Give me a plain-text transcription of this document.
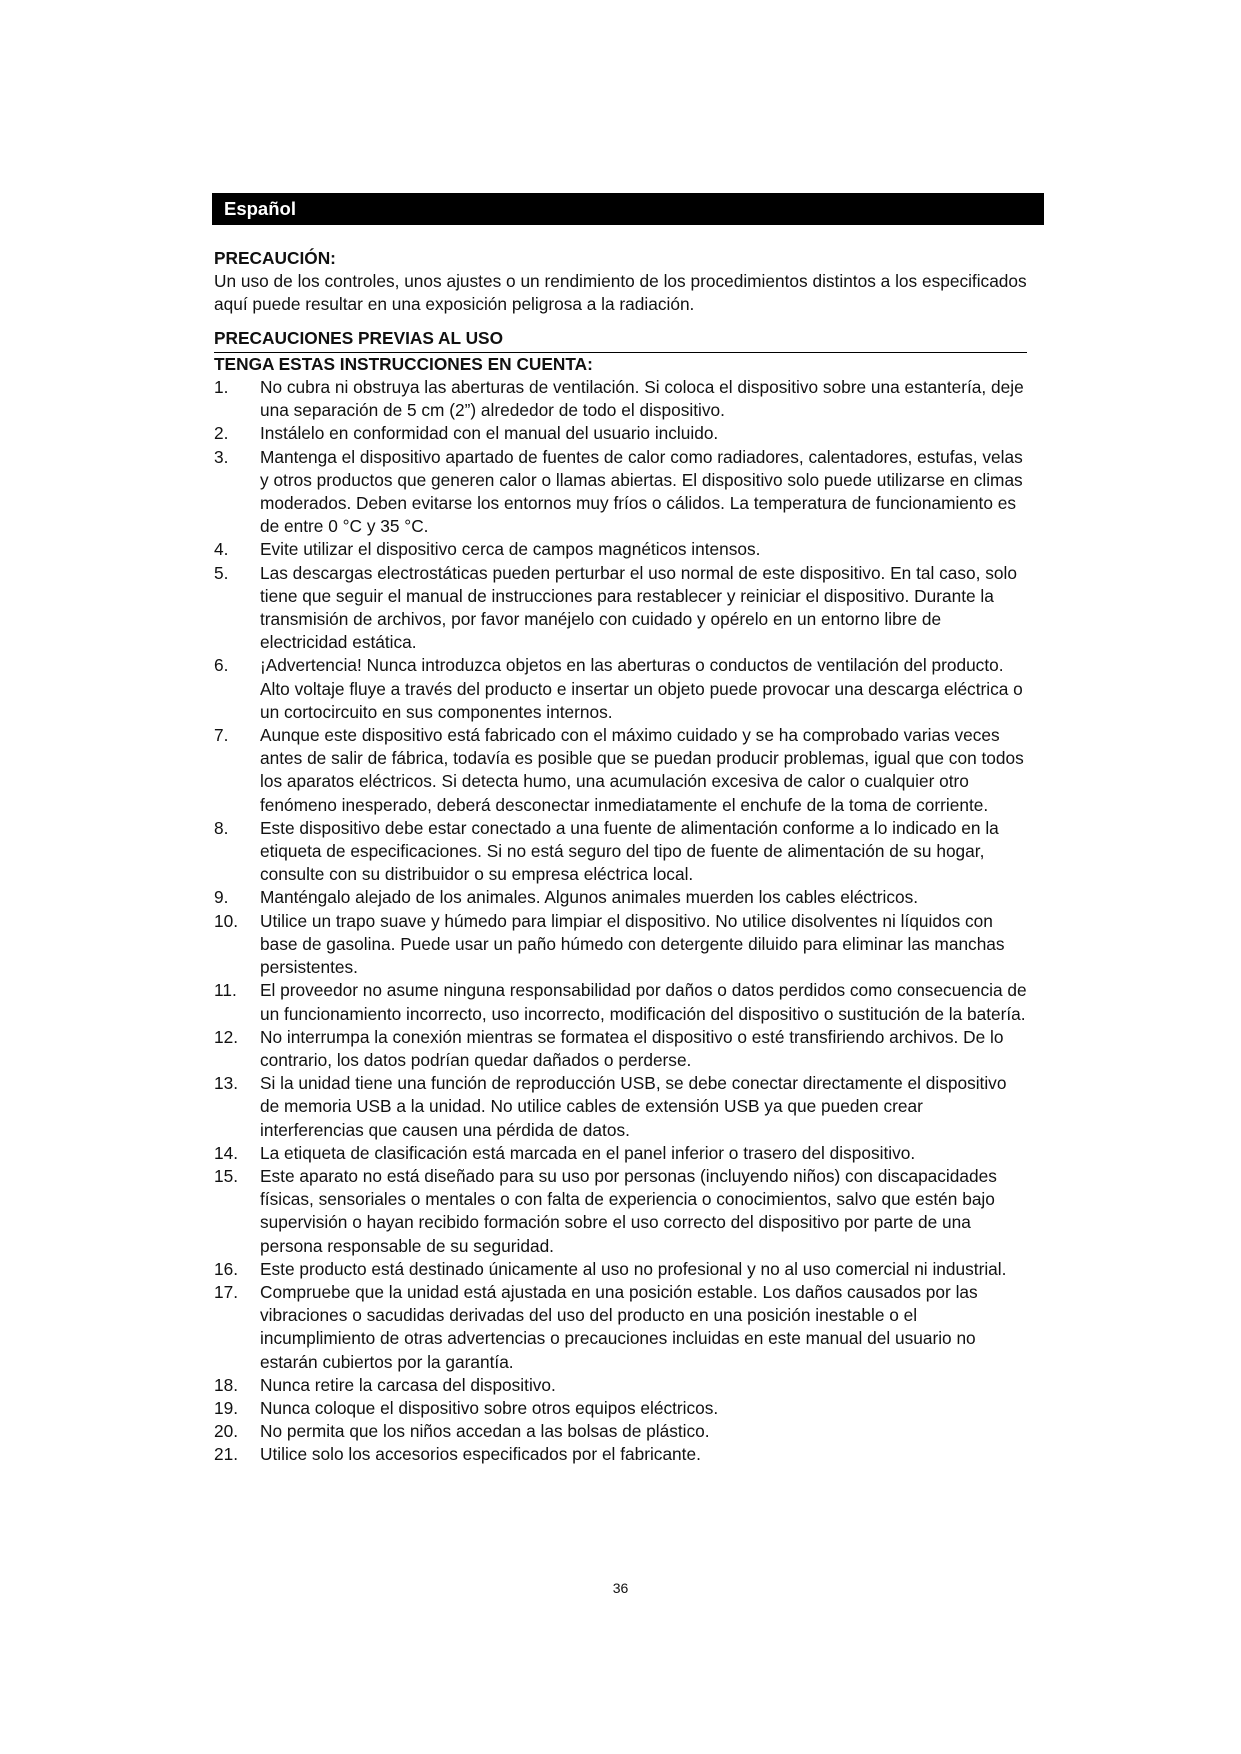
Español
PRECAUCIÓN:

Un uso de los controles, unos ajustes o un rendimiento de los procedimientos distintos a los especificados aquí puede resultar en una exposición peligrosa a la radiación.

PRECAUCIONES PREVIAS AL USO
TENGA ESTAS INSTRUCCIONES EN CUENTA:
1.	No cubra ni obstruya las aberturas de ventilación. Si coloca el dispositivo sobre una estantería, deje una separación de 5 cm (2”) alrededor de todo el dispositivo.
2.	Instálelo en conformidad con el manual del usuario incluido.
3.	Mantenga el dispositivo apartado de fuentes de calor como radiadores, calentadores, estufas, velas y otros productos que generen calor o llamas abiertas. El dispositivo solo puede utilizarse en climas moderados. Deben evitarse los entornos muy fríos o cálidos. La temperatura de funcionamiento es de entre 0 °C y 35 °C.
4.	Evite utilizar el dispositivo cerca de campos magnéticos intensos.
5.	Las descargas electrostáticas pueden perturbar el uso normal de este dispositivo. En tal caso, solo tiene que seguir el manual de instrucciones para restablecer y reiniciar el dispositivo. Durante la transmisión de archivos, por favor manéjelo con cuidado y opérelo en un entorno libre de electricidad estática.
6.	¡Advertencia! Nunca introduzca objetos en las aberturas o conductos de ventilación del producto. Alto voltaje fluye a través del producto e insertar un objeto puede provocar una descarga eléctrica o un cortocircuito en sus componentes internos.
7.	Aunque este dispositivo está fabricado con el máximo cuidado y se ha comprobado varias veces antes de salir de fábrica, todavía es posible que se puedan producir problemas, igual que con todos los aparatos eléctricos. Si detecta humo, una acumulación excesiva de calor o cualquier otro fenómeno inesperado, deberá desconectar inmediatamente el enchufe de la toma de corriente.
8.	Este dispositivo debe estar conectado a una fuente de alimentación conforme a lo indicado en la etiqueta de especificaciones. Si no está seguro del tipo de fuente de alimentación de su hogar, consulte con su distribuidor o su empresa eléctrica local.
9.	Manténgalo alejado de los animales. Algunos animales muerden los cables eléctricos.
10.	Utilice un trapo suave y húmedo para limpiar el dispositivo. No utilice disolventes ni líquidos con base de gasolina. Puede usar un paño húmedo con detergente diluido para eliminar las manchas persistentes.
11.	El proveedor no asume ninguna responsabilidad por daños o datos perdidos como consecuencia de un funcionamiento incorrecto, uso incorrecto, modificación del dispositivo o sustitución de la batería.
12.	No interrumpa la conexión mientras se formatea el dispositivo o esté transfiriendo archivos. De lo contrario, los datos podrían quedar dañados o perderse.
13.	Si la unidad tiene una función de reproducción USB, se debe conectar directamente el dispositivo de memoria USB a la unidad. No utilice cables de extensión USB ya que pueden crear interferencias que causen una pérdida de datos.
14.	La etiqueta de clasificación está marcada en el panel inferior o trasero del dispositivo.
15.	Este aparato no está diseñado para su uso por personas (incluyendo niños) con discapacidades físicas, sensoriales o mentales o con falta de experiencia o conocimientos, salvo que estén bajo supervisión o hayan recibido formación sobre el uso correcto del dispositivo por parte de una persona responsable de su seguridad.
16.	Este producto está destinado únicamente al uso no profesional y no al uso comercial ni industrial.
17.	Compruebe que la unidad está ajustada en una posición estable. Los daños causados por las vibraciones o sacudidas derivadas del uso del producto en una posición inestable o el incumplimiento de otras advertencias o precauciones incluidas en este manual del usuario no estarán cubiertos por la garantía.
18.	Nunca retire la carcasa del dispositivo.
19.	Nunca coloque el dispositivo sobre otros equipos eléctricos.
20.	No permita que los niños accedan a las bolsas de plástico.
21.	Utilice solo los accesorios especificados por el fabricante.
36
